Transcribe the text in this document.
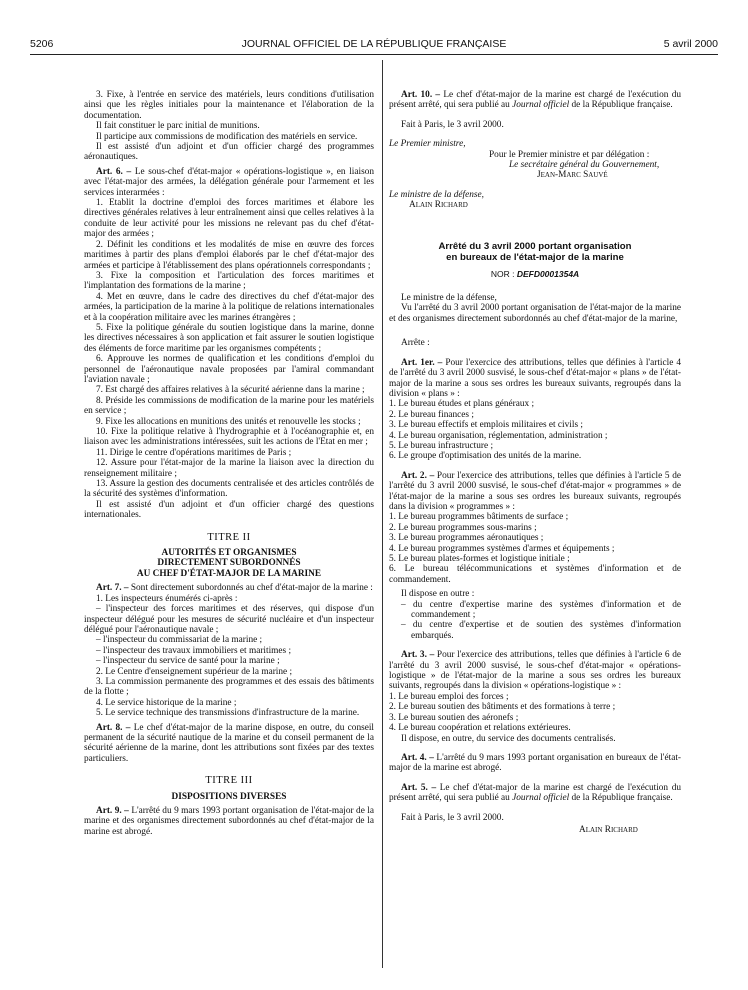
5206	JOURNAL OFFICIEL DE LA RÉPUBLIQUE FRANÇAISE	5 avril 2000

3. Fixe, à l'entrée en service des matériels, leurs conditions d'utilisation ainsi que les règles initiales pour la maintenance et l'élaboration de la documentation.

Il fait constituer le parc initial de munitions.

Il participe aux commissions de modification des matériels en service.

Il est assisté d'un adjoint et d'un officier chargé des programmes aéronautiques.

Art. 6. – Le sous-chef d'état-major « opérations-logistique », en liaison avec l'état-major des armées, la délégation générale pour l'armement et les services interarmées :

1. Etablit la doctrine d'emploi des forces maritimes et élabore les directives générales relatives à leur entraînement ainsi que celles relatives à la conduite de leur activité pour les missions ne relevant pas du chef d'état-major des armées ;

2. Définit les conditions et les modalités de mise en œuvre des forces maritimes à partir des plans d'emploi élaborés par le chef d'état-major des armées et participe à l'établissement des plans opérationnels correspondants ;

3. Fixe la composition et l'articulation des forces maritimes et l'implantation des formations de la marine ;

4. Met en œuvre, dans le cadre des directives du chef d'état-major des armées, la participation de la marine à la politique de relations internationales et à la coopération militaire avec les marines étrangères ;

5. Fixe la politique générale du soutien logistique dans la marine, donne les directives nécessaires à son application et fait assurer le soutien logistique des éléments de force maritime par les organismes compétents ;

6. Approuve les normes de qualification et les conditions d'emploi du personnel de l'aéronautique navale proposées par l'amiral commandant l'aviation navale ;

7. Est chargé des affaires relatives à la sécurité aérienne dans la marine ;

8. Préside les commissions de modification de la marine pour les matériels en service ;

9. Fixe les allocations en munitions des unités et renouvelle les stocks ;

10. Fixe la politique relative à l'hydrographie et à l'océanographie et, en liaison avec les administrations intéressées, suit les actions de l'Etat en mer ;

11. Dirige le centre d'opérations maritimes de Paris ;

12. Assure pour l'état-major de la marine la liaison avec la direction du renseignement militaire ;

13. Assure la gestion des documents centralisée et des articles contrôlés de la sécurité des systèmes d'information.

Il est assisté d'un adjoint et d'un officier chargé des questions internationales.

TITRE II

AUTORITÉS ET ORGANISMES

DIRECTEMENT SUBORDONNÉS

AU CHEF D'ÉTAT-MAJOR DE LA MARINE

Art. 7. – Sont directement subordonnés au chef d'état-major de la marine :

1. Les inspecteurs énumérés ci-après :

– l'inspecteur des forces maritimes et des réserves, qui dispose d'un inspecteur délégué pour les mesures de sécurité nucléaire et d'un inspecteur délégué pour l'aéronautique navale ;

– l'inspecteur du commissariat de la marine ;

– l'inspecteur des travaux immobiliers et maritimes ;

– l'inspecteur du service de santé pour la marine ;

2. Le Centre d'enseignement supérieur de la marine ;

3. La commission permanente des programmes et des essais des bâtiments de la flotte ;

4. Le service historique de la marine ;

5. Le service technique des transmissions d'infrastructure de la marine.

Art. 8. – Le chef d'état-major de la marine dispose, en outre, du conseil permanent de la sécurité nautique de la marine et du conseil permanent de la sécurité aérienne de la marine, dont les attributions sont fixées par des textes particuliers.

TITRE III

DISPOSITIONS DIVERSES

Art. 9. – L'arrêté du 9 mars 1993 portant organisation de l'état-major de la marine et des organismes directement subordonnés au chef d'état-major de la marine est abrogé.

Art. 10. – Le chef d'état-major de la marine est chargé de l'exécution du présent arrêté, qui sera publié au Journal officiel de la République française.

Fait à Paris, le 3 avril 2000.

Le Premier ministre,

Pour le Premier ministre et par délégation :

Le secrétaire général du Gouvernement,

Jean-Marc Sauvé

Le ministre de la défense,

Alain Richard

Arrêté du 3 avril 2000 portant organisation
en bureaux de l'état-major de la marine

NOR : DEFD0001354A

Le ministre de la défense,

Vu l'arrêté du 3 avril 2000 portant organisation de l'état-major de la marine et des organismes directement subordonnés au chef d'état-major de la marine,

Arrête :

Art. 1er. – Pour l'exercice des attributions, telles que définies à l'article 4 de l'arrêté du 3 avril 2000 susvisé, le sous-chef d'état-major « plans » de l'état-major de la marine a sous ses ordres les bureaux suivants, regroupés dans la division « plans » :

1. Le bureau études et plans généraux ;

2. Le bureau finances ;

3. Le bureau effectifs et emplois militaires et civils ;

4. Le bureau organisation, réglementation, administration ;

5. Le bureau infrastructure ;

6. Le groupe d'optimisation des unités de la marine.

Art. 2. – Pour l'exercice des attributions, telles que définies à l'article 5 de l'arrêté du 3 avril 2000 susvisé, le sous-chef d'état-major « programmes » de l'état-major de la marine a sous ses ordres les bureaux suivants, regroupés dans la division « programmes » :

1. Le bureau programmes bâtiments de surface ;

2. Le bureau programmes sous-marins ;

3. Le bureau programmes aéronautiques ;

4. Le bureau programmes systèmes d'armes et équipements ;

5. Le bureau plates-formes et logistique initiale ;

6. Le bureau télécommunications et systèmes d'information et de commandement.

Il dispose en outre :

– du centre d'expertise marine des systèmes d'information et de commandement ;

– du centre d'expertise et de soutien des systèmes d'information embarqués.

Art. 3. – Pour l'exercice des attributions, telles que définies à l'article 6 de l'arrêté du 3 avril 2000 susvisé, le sous-chef d'état-major « opérations-logistique » de l'état-major de la marine a sous ses ordres les bureaux suivants, regroupés dans la division « opérations-logistique » :

1. Le bureau emploi des forces ;

2. Le bureau soutien des bâtiments et des formations à terre ;

3. Le bureau soutien des aéronefs ;

4. Le bureau coopération et relations extérieures.

Il dispose, en outre, du service des documents centralisés.

Art. 4. – L'arrêté du 9 mars 1993 portant organisation en bureaux de l'état-major de la marine est abrogé.

Art. 5. – Le chef d'état-major de la marine est chargé de l'exécution du présent arrêté, qui sera publié au Journal officiel de la République française.

Fait à Paris, le 3 avril 2000.

Alain Richard
